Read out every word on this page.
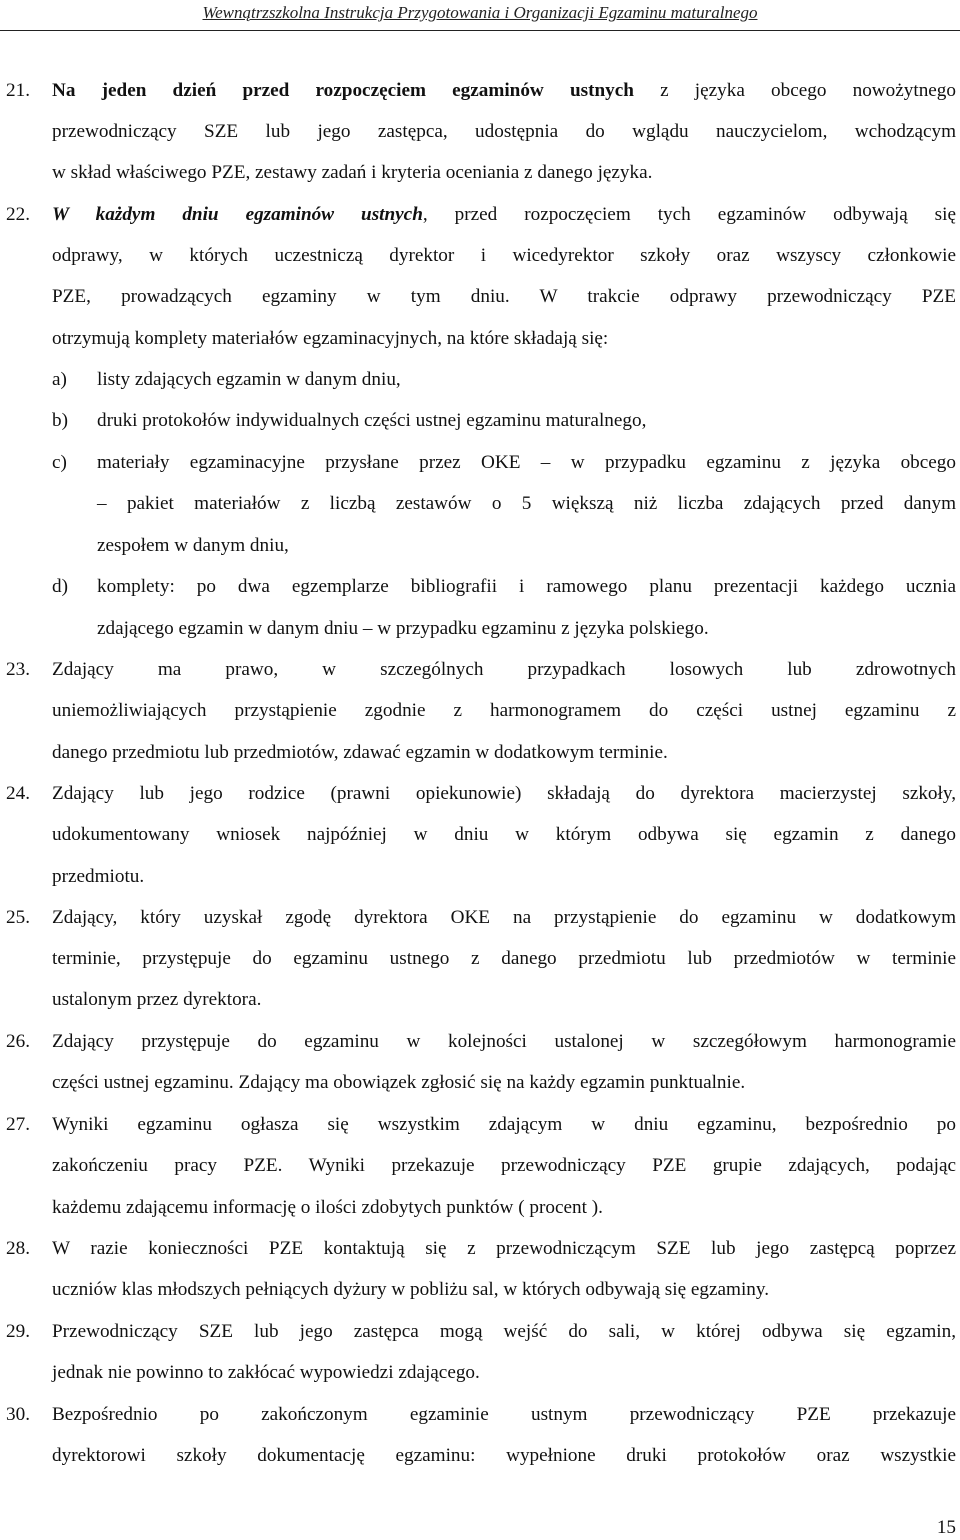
Wewnątrzszkolna Instrukcja Przygotowania i Organizacji Egzaminu maturalnego
21. Na jeden dzień przed rozpoczęciem egzaminów ustnych z języka obcego nowożytnego
przewodniczący SZE lub jego zastępca, udostępnia do wglądu nauczycielom, wchodzącym
w skład właściwego PZE, zestawy zadań i kryteria oceniania z danego języka.
22. W każdym dniu egzaminów ustnych, przed rozpoczęciem tych egzaminów odbywają się
odprawy, w których uczestniczą dyrektor i wicedyrektor szkoły oraz wszyscy członkowie
PZE, prowadzących egzaminy w tym dniu. W trakcie odprawy przewodniczący PZE
otrzymują komplety materiałów egzaminacyjnych, na które składają się:
a) listy zdających egzamin w danym dniu,
b) druki protokołów indywidualnych części ustnej egzaminu maturalnego,
c) materiały egzaminacyjne przysłane przez OKE – w przypadku egzaminu z języka obcego
– pakiet materiałów z liczbą zestawów o 5 większą niż liczba zdających przed danym
zespołem w danym dniu,
d) komplety: po dwa egzemplarze bibliografii i ramowego planu prezentacji każdego ucznia
zdającego egzamin w danym dniu – w przypadku egzaminu z języka polskiego.
23. Zdający ma prawo, w szczególnych przypadkach losowych lub zdrowotnych
uniemożliwiających przystąpienie zgodnie z harmonogramem do części ustnej egzaminu z
danego przedmiotu lub przedmiotów, zdawać egzamin w dodatkowym terminie.
24. Zdający lub jego rodzice (prawni opiekunowie) składają do dyrektora macierzystej szkoły,
udokumentowany wniosek najpóźniej w dniu w którym odbywa się egzamin z danego
przedmiotu.
25. Zdający, który uzyskał zgodę dyrektora OKE na przystąpienie do egzaminu w dodatkowym
terminie, przystępuje do egzaminu ustnego z danego przedmiotu lub przedmiotów w terminie
ustalonym przez dyrektora.
26. Zdający przystępuje do egzaminu w kolejności ustalonej w szczegółowym harmonogramie
części ustnej egzaminu. Zdający ma obowiązek zgłosić się na każdy egzamin punktualnie.
27. Wyniki egzaminu ogłasza się wszystkim zdającym w dniu egzaminu, bezpośrednio po
zakończeniu pracy PZE. Wyniki przekazuje przewodniczący PZE grupie zdających, podając
każdemu zdającemu informację o ilości zdobytych punktów ( procent ).
28. W razie konieczności PZE kontaktują się z przewodniczącym SZE lub jego zastępcą poprzez
uczniów klas młodszych pełniących dyżury w pobliżu sal, w których odbywają się egzaminy.
29. Przewodniczący SZE lub jego zastępca mogą wejść do sali, w której odbywa się egzamin,
jednak nie powinno to zakłócać wypowiedzi zdającego.
30. Bezpośrednio po zakończonym egzaminie ustnym przewodniczący PZE przekazuje
dyrektorowi szkoły dokumentację egzaminu: wypełnione druki protokołów oraz wszystkie
15
